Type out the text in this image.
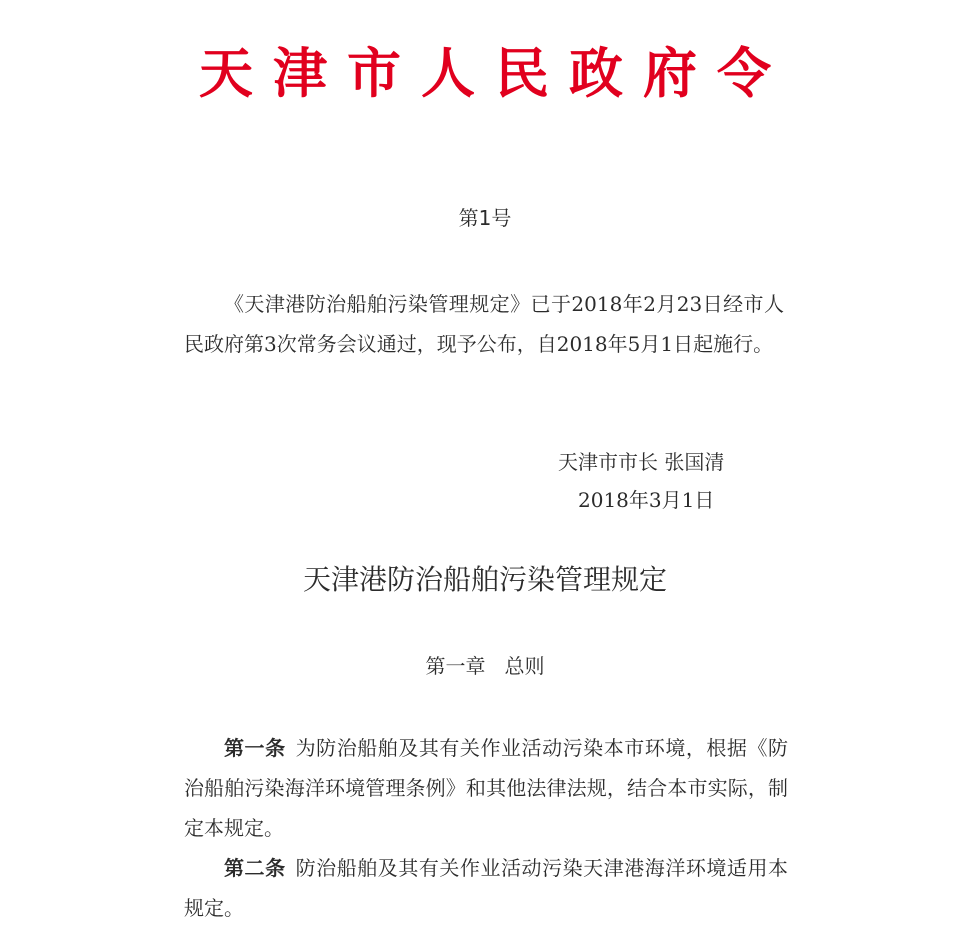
天津市人民政府令
第1号

《天津港防治船舶污染管理规定》已于2018年2月23日经市人民政府第3次常务会议通过，现予公布，自2018年5月1日起施行。

天津市市长 张国清
2018年3月1日
天津港防治船舶污染管理规定
第一章   总则

第一条 为防治船舶及其有关作业活动污染本市环境，根据《防治船舶污染海洋环境管理条例》和其他法律法规，结合本市实际，制定本规定。

第二条 防治船舶及其有关作业活动污染天津港海洋环境适用本规定。
